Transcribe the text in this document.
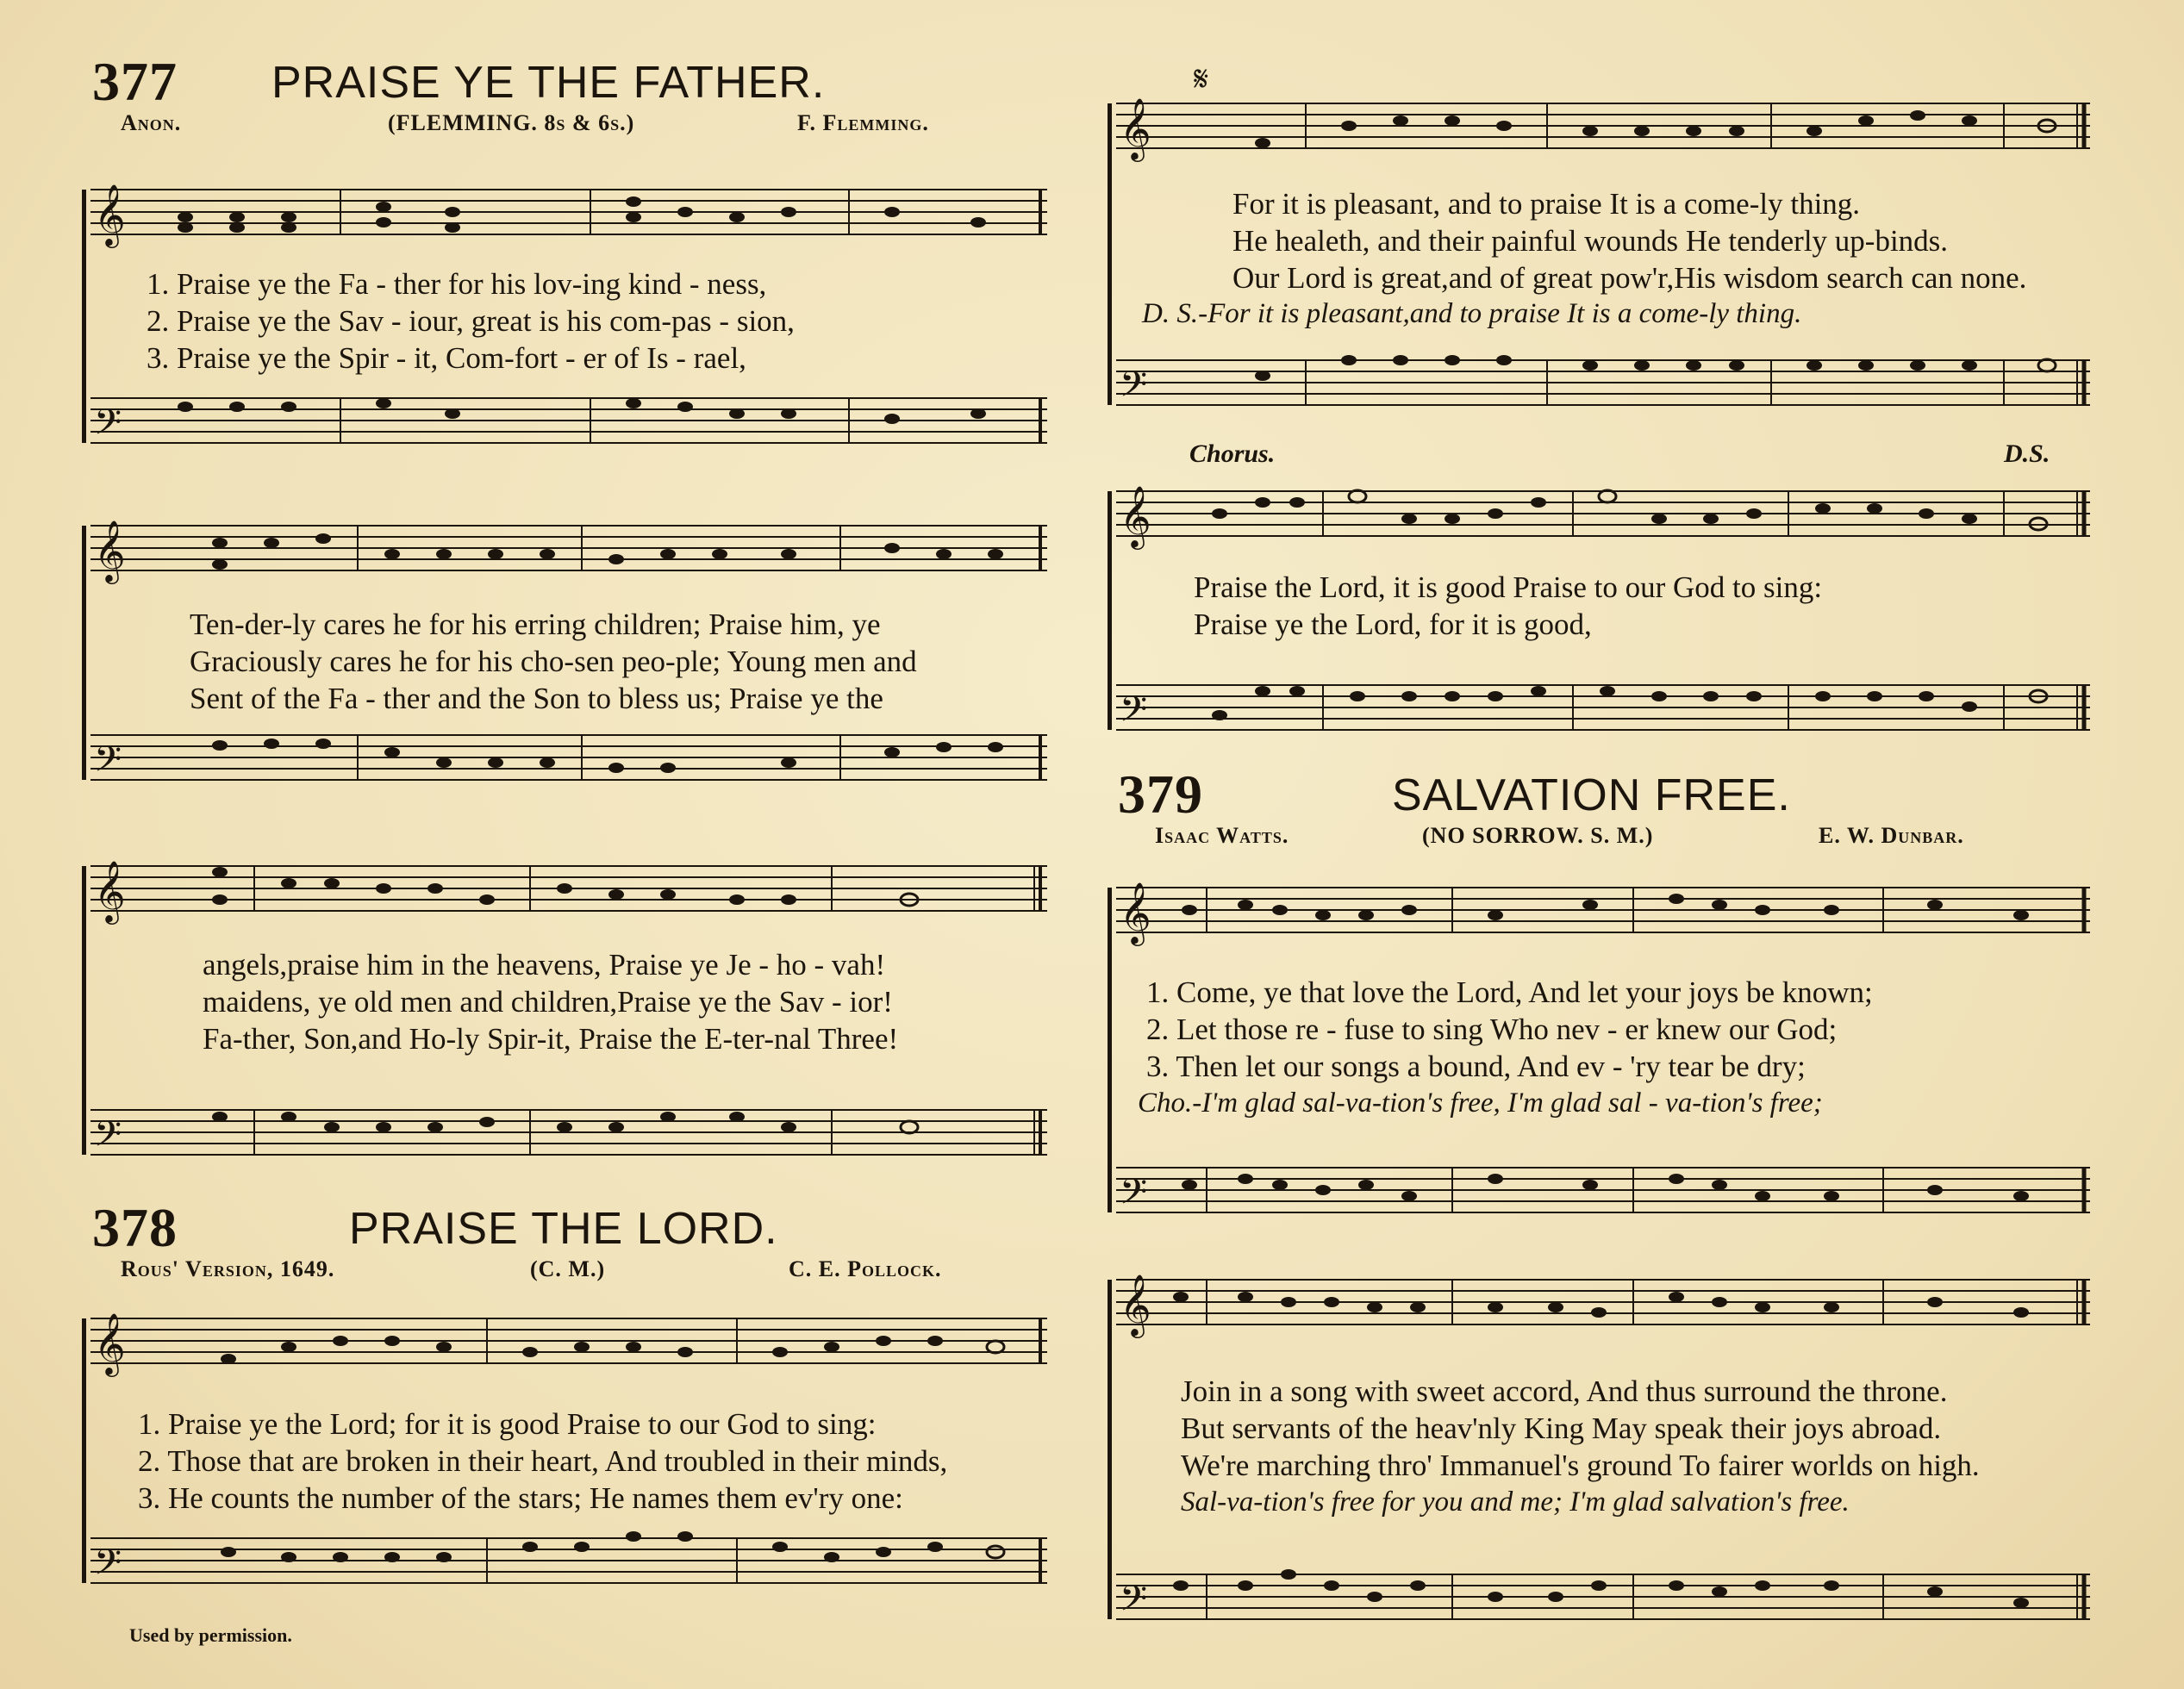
377 PRAISE YE THE FATHER.
Anon.	(FLEMMING. 8s & 6s.)	F. Flemming.
𝄞
𝄢
1. Praise ye the Fa - ther for his lov-ing kind - ness,
2. Praise ye the Sav - iour, great is his com-pas - sion,
3. Praise ye the Spir - it, Com-fort - er of Is - rael,
𝄞
𝄢
Ten-der-ly cares he for his erring children; Praise him, ye
Graciously cares he for his cho-sen peo-ple; Young men and
Sent of the Fa - ther and the Son to bless us; Praise ye the
𝄞
𝄢
angels,praise him in the heavens, Praise ye Je - ho - vah!
maidens, ye old men and children,Praise ye the Sav - ior!
Fa-ther, Son,and Ho-ly Spir-it, Praise the E-ter-nal Three!
378	PRAISE THE LORD.
Rous' Version, 1649.	(C. M.)	C. E. Pollock.
𝄞
𝄢
1. Praise ye the Lord; for it is good Praise to our God to sing:
2. Those that are broken in their heart, And troubled in their minds,
3. He counts the number of the stars; He names them ev'ry one:
Used by permission.
𝄞
𝄢
𝄋
For it is pleasant, and to praise It is a come-ly thing.
He healeth, and their painful wounds He tenderly up-binds.
Our Lord is great,and of great pow'r,His wisdom search can none.
D. S.-For it is pleasant,and to praise It is a come-ly thing.
Chorus.	D.S.
𝄞
𝄢
Praise the Lord, it is good Praise to our God to sing:
Praise ye the Lord, for it is good,
379	SALVATION FREE.
Isaac Watts.	(NO SORROW. S. M.)	E. W. Dunbar.
𝄞
𝄢
1. Come, ye that love the Lord, And let your joys be known;
2. Let those re - fuse to sing Who nev - er knew our God;
3. Then let our songs a bound, And ev - 'ry tear be dry;
Cho.-I'm glad sal-va-tion's free, I'm glad sal - va-tion's free;
𝄞
𝄢
Join in a song with sweet accord, And thus surround the throne.
But servants of the heav'nly King May speak their joys abroad.
We're marching thro' Immanuel's ground To fairer worlds on high.
Sal-va-tion's free for you and me; I'm glad salvation's free.
